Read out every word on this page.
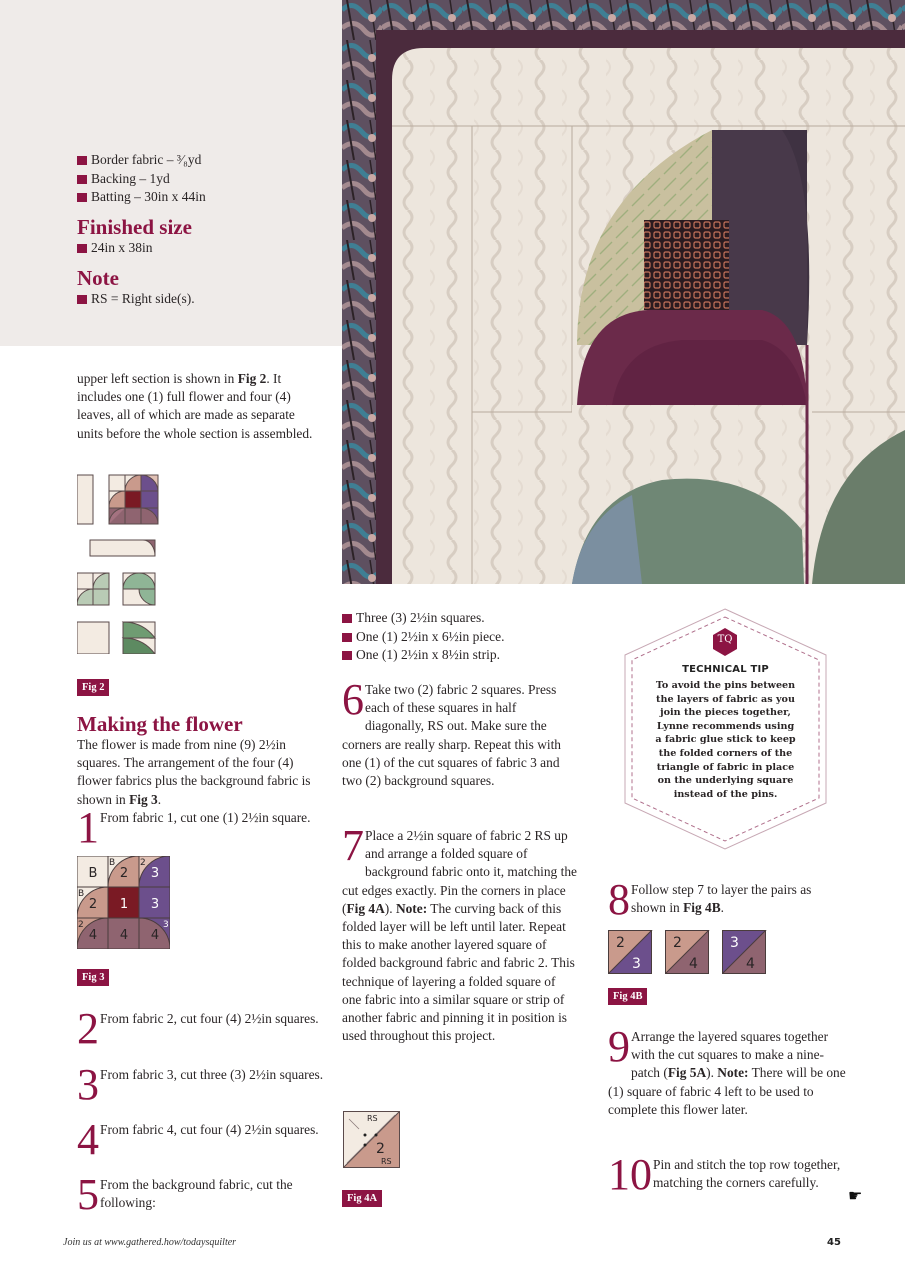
Border fabric – ³⁄₈yd
Backing – 1yd
Batting – 30in x 44in
Finished size
24in x 38in
Note
RS = Right side(s).

upper left section is shown in Fig 2. It includes one (1) full flower and four (4) leaves, all of which are made as separate units before the whole section is assembled.

Fig 2
Making the flower

The flower is made from nine (9) 2½in squares. The arrangement of the four (4) flower fabrics plus the background fabric is shown in Fig 3.

1 From fabric 1, cut one (1) 2½in square.
B 2 3
2 1 3
4 4 4
B	2
B
2	3
Fig 3
2 From fabric 2, cut four (4) 2½in squares.
3 From fabric 3, cut three (3) 2½in squares.
4 From fabric 4, cut four (4) 2½in squares.
5 From the background fabric, cut the following:
Three (3) 2½in squares.
One (1) 2½in x 6½in piece.
One (1) 2½in x 8½in strip.
6 Take two (2) fabric 2 squares. Press each of these squares in half diagonally, RS out. Make sure the corners are really sharp. Repeat this with one (1) of the cut squares of fabric 3 and two (2) background squares.
7 Place a 2½in square of fabric 2 RS up and arrange a folded square of background fabric onto it, matching the cut edges exactly. Pin the corners in place (Fig 4A). Note: The curving back of this folded layer will be left until later. Repeat this to make another layered square of folded background fabric and fabric 2. This technique of layering a folded square of one fabric into a similar square or strip of another fabric and pinning it in position is used throughout this project.
RS
2
RS
Fig 4A
TQ
TECHNICAL TIP
To avoid the pins between
the layers of fabric as you
join the pieces together,
Lynne recommends using
a fabric glue stick to keep
the folded corners of the
triangle of fabric in place
on the underlying square
instead of the pins.
8 Follow step 7 to layer the pairs as shown in Fig 4B.
2
3
2
4
3
4
Fig 4B
9 Arrange the layered squares together with the cut squares to make a nine-patch (Fig 5A). Note: There will be one (1) square of fabric 4 left to be used to complete this flower later.
10 Pin and stitch the top row together, matching the corners carefully.
☛
Join us at www.gathered.how/todaysquilter	45
